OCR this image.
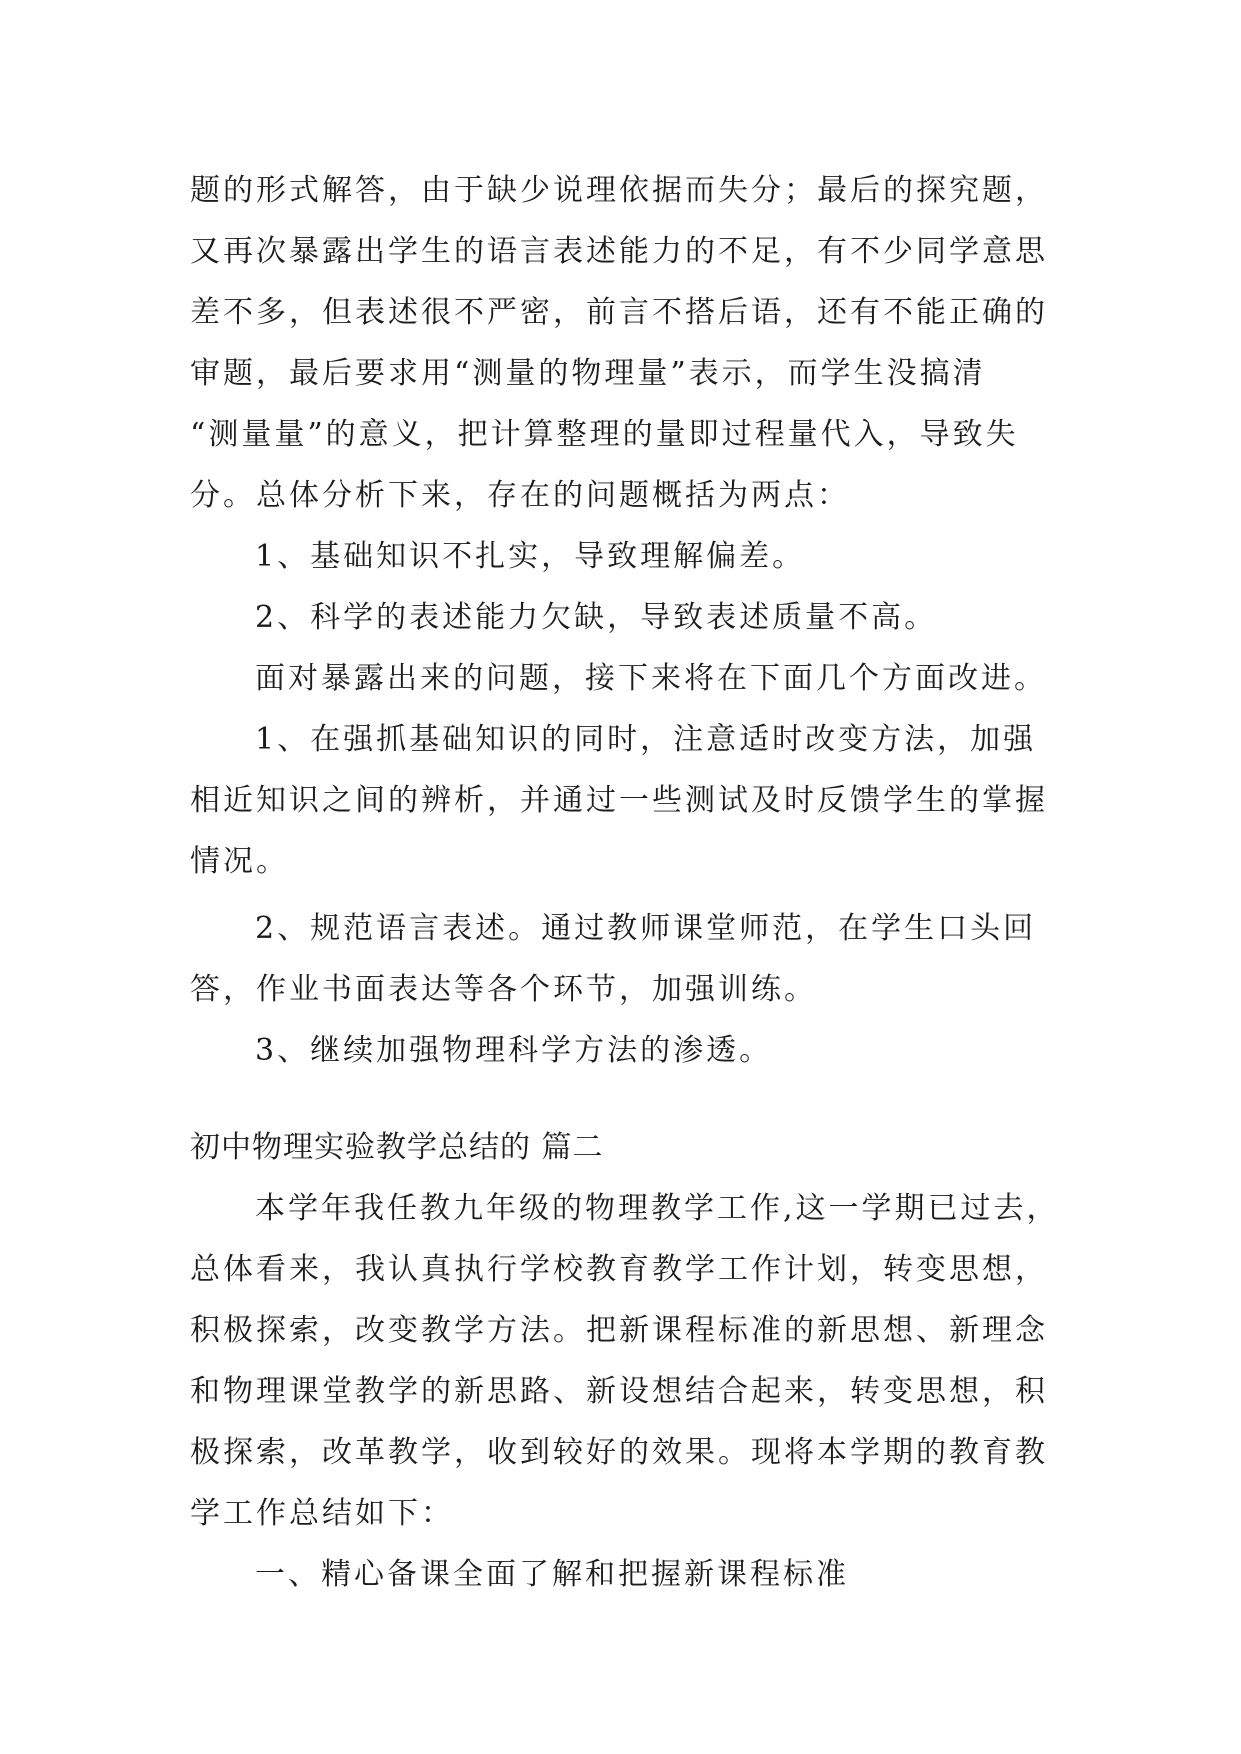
题的形式解答，由于缺少说理依据而失分；最后的探究题，
又再次暴露出学生的语言表述能力的不足，有不少同学意思
差不多，但表述很不严密，前言不搭后语，还有不能正确的
审题，最后要求用“测量的物理量”表示，而学生没搞清
“测量量”的意义，把计算整理的量即过程量代入，导致失
分。总体分析下来，存在的问题概括为两点：
1、基础知识不扎实，导致理解偏差。
2、科学的表述能力欠缺，导致表述质量不高。
面对暴露出来的问题，接下来将在下面几个方面改进。
1、在强抓基础知识的同时，注意适时改变方法，加强
相近知识之间的辨析，并通过一些测试及时反馈学生的掌握
情况。
2、规范语言表述。通过教师课堂师范，在学生口头回
答，作业书面表达等各个环节，加强训练。
3、继续加强物理科学方法的渗透。
初中物理实验教学总结的 篇二
本学年我任教九年级的物理教学工作,这一学期已过去，
总体看来，我认真执行学校教育教学工作计划，转变思想，
积极探索，改变教学方法。把新课程标准的新思想、新理念
和物理课堂教学的新思路、新设想结合起来，转变思想，积
极探索，改革教学，收到较好的效果。现将本学期的教育教
学工作总结如下：
一、精心备课全面了解和把握新课程标准
